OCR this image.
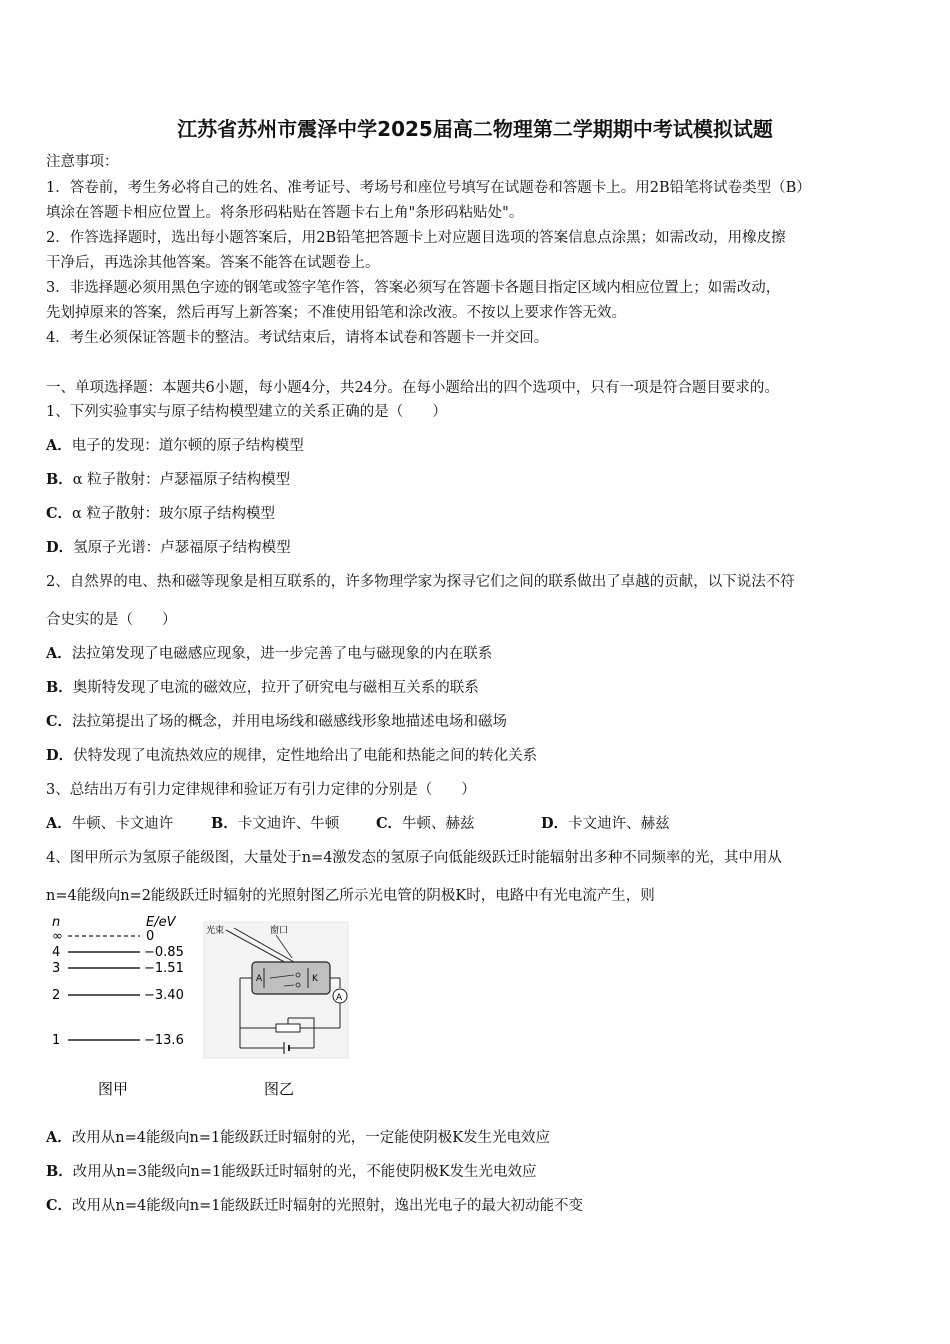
江苏省苏州市震泽中学2025届高二物理第二学期期中考试模拟试题
注意事项：
1．答卷前，考生务必将自己的姓名、准考证号、考场号和座位号填写在试题卷和答题卡上。用2B铅笔将试卷类型（B）
填涂在答题卡相应位置上。将条形码粘贴在答题卡右上角"条形码粘贴处"。
2．作答选择题时，选出每小题答案后，用2B铅笔把答题卡上对应题目选项的答案信息点涂黑；如需改动，用橡皮擦
干净后，再选涂其他答案。答案不能答在试题卷上。
3．非选择题必须用黑色字迹的钢笔或签字笔作答，答案必须写在答题卡各题目指定区域内相应位置上；如需改动，
先划掉原来的答案，然后再写上新答案；不准使用铅笔和涂改液。不按以上要求作答无效。
4．考生必须保证答题卡的整洁。考试结束后，请将本试卷和答题卡一并交回。
一、单项选择题：本题共6小题，每小题4分，共24分。在每小题给出的四个选项中，只有一项是符合题目要求的。
1、下列实验事实与原子结构模型建立的关系正确的是（　　）
A．电子的发现：道尔顿的原子结构模型
B．α 粒子散射：卢瑟福原子结构模型
C．α 粒子散射：玻尔原子结构模型
D．氢原子光谱：卢瑟福原子结构模型
2、自然界的电、热和磁等现象是相互联系的，许多物理学家为探寻它们之间的联系做出了卓越的贡献，以下说法不符
合史实的是（　　）
A．法拉第发现了电磁感应现象，进一步完善了电与磁现象的内在联系
B．奥斯特发现了电流的磁效应，拉开了研究电与磁相互关系的联系
C．法拉第提出了场的概念，并用电场线和磁感线形象地描述电场和磁场
D．伏特发现了电流热效应的规律，定性地给出了电能和热能之间的转化关系
3、总结出万有引力定律规律和验证万有引力定律的分别是（　　）
A．牛顿、卡文迪许	B．卡文迪许、牛顿	C．牛顿、赫兹	D．卡文迪许、赫兹
4、图甲所示为氢原子能级图，大量处于n=4激发态的氢原子向低能级跃迁时能辐射出多种不同频率的光，其中用从
n=4能级向n=2能级跃迁时辐射的光照射图乙所示光电管的阴极K时，电路中有光电流产生，则
n	E/eV
∞	0
4	−0.85
3	−1.51
2	−3.40
1	−13.6
图甲
光束	窗口
A	K
A
图乙
A．改用从n=4能级向n=1能级跃迁时辐射的光，一定能使阴极K发生光电效应
B．改用从n=3能级向n=1能级跃迁时辐射的光，不能使阴极K发生光电效应
C．改用从n=4能级向n=1能级跃迁时辐射的光照射，逸出光电子的最大初动能不变
